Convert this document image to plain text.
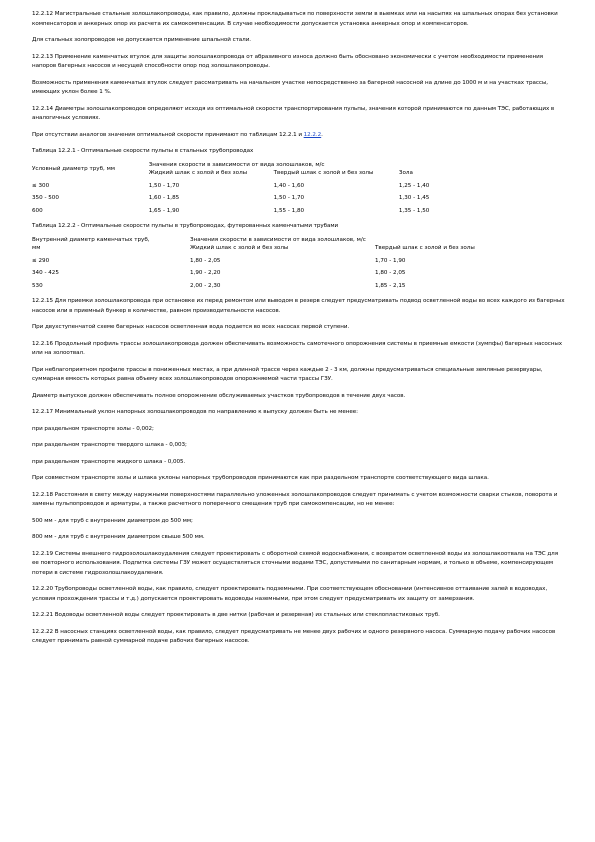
12.2.12 Магистральные стальные золошлакопроводы, как правило, должны прокладываться по поверхности земли в выемках или на насыпях на шпальных опорах без установки компенсаторов и анкерных опор из расчета их самокомпенсации. В случае необходимости допускается установка анкерных опор и компенсаторов.

Для стальных золопроводов не допускается применение шпальной стали.

12.2.13 Применение каменчатых втулок для защиты золошлакопровода от абразивного износа должно быть обосновано экономически с учетом необходимости применения напоров багерных насосов и несущей способности опор под золошлакопроводы.

Возможность применения каменчатых втулок следует рассматривать на начальном участке непосредственно за багерной насосной на длине до 1000 м и на участках трассы, имеющих уклон более 1 %.

12.2.14 Диаметры золошлакопроводов определяют исходя из оптимальной скорости транспортирования пульпы, значения которой принимаются по данным ТЭС, работающих в аналогичных условиях.

При отсутствии аналогов значения оптимальной скорости принимают по таблицам 12.2.1 и 12.2.2.

Таблица 12.2.1 - Оптимальные скорости пульпы в стальных трубопроводах

Условный диаметр труб, мм	Значения скорости в зависимости от вида золошлаков, м/с		
	Жидкий шлак с золой и без золы	Твердый шлак с золой и без золы	Зола

≤ 300	1,50 - 1,70	1,40 - 1,60	1,25 - 1,40

350 - 500	1,60 - 1,85	1,50 - 1,70	1,30 - 1,45

600	1,65 - 1,90	1,55 - 1,80	1,35 - 1,50

Таблица 12.2.2 - Оптимальные скорости пульпы в трубопроводах, футерованных каменчатыми трубами

Внутренний диаметр каменчатых труб,	Значения скорости в зависимости от вида золошлаков, м/с	
мм	Жидкий шлак с золой и без золы	Твердый шлак с золой и без золы

≤ 290	1,80 - 2,05	1,70 - 1,90

340 - 425	1,90 - 2,20	1,80 - 2,05

530	2,00 - 2,30	1,85 - 2,15

12.2.15 Для приемки золошлакопровода при остановке их перед ремонтом или выводом в резерв следует предусматривать подвод осветленной воды во всех каждого из багерных насосов или в приемный бункер в количестве, равном производительности насосов.

При двухступенчатой схеме багерных насосов осветленная вода подается во всех насосах первой ступени.

12.2.16 Продольный профиль трассы золошлакопровода должен обеспечивать возможность самотечного опорожнения системы в приемные емкости (зумпфы) багерных насосных или на золоотвал.

При неблагоприятном профиле трассы в пониженных местах, а при длинной трассе через каждые 2 - 3 км, должны предусматриваться специальные земляные резервуары, суммарная емкость которых равна объему всех золошлакопроводов опорожняемой части трассы ГЗУ.

Диаметр выпусков должен обеспечивать полное опорожнение обслуживаемых участков трубопроводов в течение двух часов.

12.2.17 Минимальный уклон напорных золошлакопроводов по направлению к выпуску должен быть не менее:

при раздельном транспорте золы - 0,002;

при раздельном транспорте твердого шлака - 0,003;

при раздельном транспорте жидкого шлака - 0,005.

При совместном транспорте золы и шлака уклоны напорных трубопроводов принимаются как при раздельном транспорте соответствующего вида шлака.

12.2.18 Расстояния в свету между наружными поверхностями параллельно уложенных золошлакопроводов следует принимать с учетом возможности сварки стыков, поворота и замены пульпопроводов и арматуры, а также расчетного поперечного смещения труб при самокомпенсации, но не менее:

500 мм - для труб с внутренним диаметром до 500 мм;

800 мм - для труб с внутренним диаметром свыше 500 мм.

12.2.19 Системы внешнего гидрозолошлакоудаления следует проектировать с оборотной схемой водоснабжения, с возвратом осветленной воды из золошлакоотвала на ТЭС для ее повторного использования. Подпитка системы ГЗУ может осуществляться сточными водами ТЭС, допустимыми по санитарным нормам, и только в объеме, компенсирующем потери в системе гидрозолошлакоудаления.

12.2.20 Трубопроводы осветленной воды, как правило, следует проектировать подземными. При соответствующем обосновании (интенсивное оттаивание залей в водоводах, условия прохождения трассы и т.д.) допускается проектировать водоводы наземными, при этом следует предусматривать их защиту от замерзания.

12.2.21 Водоводы осветленной воды следует проектировать в две нитки (рабочая и резервная) из стальных или стеклопластиковых труб.

12.2.22 В насосных станциях осветленной воды, как правило, следует предусматривать не менее двух рабочих и одного резервного насоса. Суммарную подачу рабочих насосов следует принимать равной суммарной подаче рабочих багерных насосов.
